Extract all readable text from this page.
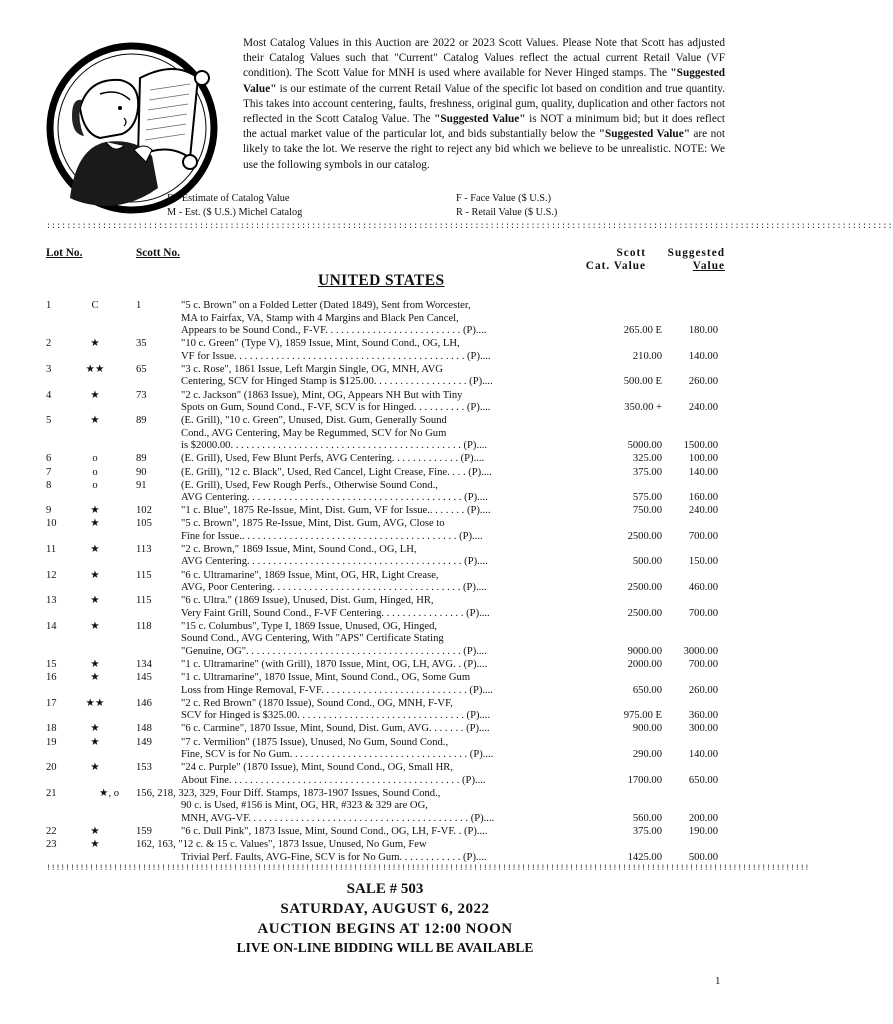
Most Catalog Values in this Auction are 2022 or 2023 Scott Values. Please Note that Scott has adjusted their Catalog Values such that "Current" Catalog Values reflect the actual current Retail Value (VF condition). The Scott Value for MNH is used where available for Never Hinged stamps. The "Suggested Value" is our estimate of the current Retail Value of the specific lot based on condition and true quantity. This takes into account centering, faults, freshness, original gum, quality, duplication and other factors not reflected in the Scott Catalog Value. The "Suggested Value" is NOT a minimum bid; but it does reflect the actual market value of the particular lot, and bids substantially below the "Suggested Value" are not likely to take the lot. We reserve the right to reject any bid which we believe to be unrealistic. NOTE: We use the following symbols in our catalog.
E - Estimate of Catalog Value
M - Est. ($ U.S.) Michel Catalog
F - Face Value ($ U.S.)
R - Retail Value ($ U.S.)
::::::::::::::::::::::::::::::::::::::::::::::::::::::::::::::::::::::::::::::::::::::::::::::::::::::::::::::::::::::::::::::::::::::::::::::::::::::::::::::::::::::
Lot No.	Scott No.	Scott
Cat. Value
Suggested
Value
UNITED STATES
1	C	1	"5 c. Brown" on a Folded Letter (Dated 1849), Sent from Worcester,
MA to Fairfax, VA, Stamp with 4 Margins and Black Pen Cancel,
Appears to be Sound Cond., F-VF. . . . . . . . . . . . . . . . . . . . . . . . . . (P)....	265.00 E	180.00
2	★	35	"10 c. Green" (Type V), 1859 Issue, Mint, Sound Cond., OG, LH,
VF for Issue. . . . . . . . . . . . . . . . . . . . . . . . . . . . . . . . . . . . . . . . . . . . (P)....	210.00	140.00
3	★★	65	"3 c. Rose", 1861 Issue, Left Margin Single, OG, MNH, AVG
Centering, SCV for Hinged Stamp is $125.00. . . . . . . . . . . . . . . . . . (P)....	500.00 E	260.00
4	★	73	"2 c. Jackson" (1863 Issue), Mint, OG, Appears NH But with Tiny
Spots on Gum, Sound Cond., F-VF, SCV is for Hinged. . . . . . . . . . (P)....	350.00 +	240.00
5	★	89	(E. Grill), "10 c. Green", Unused, Dist. Gum, Generally Sound
Cond., AVG Centering, May be Regummed, SCV for No Gum
is $2000.00. . . . . . . . . . . . . . . . . . . . . . . . . . . . . . . . . . . . . . . . . . . . (P)....	5000.00	1500.00
6	o	89	(E. Grill), Used, Few Blunt Perfs, AVG Centering. . . . . . . . . . . . . (P)....	325.00	100.00
7	o	90	(E. Grill), "12 c. Black", Used, Red Cancel, Light Crease, Fine. . . . (P)....	375.00	140.00
8	o	91	(E. Grill), Used, Few Rough Perfs., Otherwise Sound Cond.,
AVG Centering. . . . . . . . . . . . . . . . . . . . . . . . . . . . . . . . . . . . . . . . . (P)....	575.00	160.00
9	★	102	"1 c. Blue", 1875 Re-Issue, Mint, Dist. Gum, VF for Issue.. . . . . . . (P)....	750.00	240.00
10	★	105	"5 c. Brown", 1875 Re-Issue, Mint, Dist. Gum, AVG, Close to
Fine for Issue.. . . . . . . . . . . . . . . . . . . . . . . . . . . . . . . . . . . . . . . . . (P)....	2500.00	700.00
11	★	113	"2 c. Brown," 1869 Issue, Mint, Sound Cond., OG, LH,
AVG Centering. . . . . . . . . . . . . . . . . . . . . . . . . . . . . . . . . . . . . . . . . (P)....	500.00	150.00
12	★	115	"6 c. Ultramarine", 1869 Issue, Mint, OG, HR, Light Crease,
AVG, Poor Centering. . . . . . . . . . . . . . . . . . . . . . . . . . . . . . . . . . . . (P)....	2500.00	460.00
13	★	115	"6 c. Ultra." (1869 Issue), Unused, Dist. Gum, Hinged, HR,
Very Faint Grill, Sound Cond., F-VF Centering. . . . . . . . . . . . . . . . (P)....	2500.00	700.00
14	★	118	"15 c. Columbus", Type I, 1869 Issue, Unused, OG, Hinged,
Sound Cond., AVG Centering, With "APS" Certificate Stating
"Genuine, OG". . . . . . . . . . . . . . . . . . . . . . . . . . . . . . . . . . . . . . . . . (P)....	9000.00	3000.00
15	★	134	"1 c. Ultramarine" (with Grill), 1870 Issue, Mint, OG, LH, AVG. . (P)....	2000.00	700.00
16	★	145	"1 c. Ultramarine", 1870 Issue, Mint, Sound Cond., OG, Some Gum
Loss from Hinge Removal, F-VF. . . . . . . . . . . . . . . . . . . . . . . . . . . . (P)....	650.00	260.00
17	★★	146	"2 c. Red Brown" (1870 Issue), Sound Cond., OG, MNH, F-VF,
SCV for Hinged is $325.00. . . . . . . . . . . . . . . . . . . . . . . . . . . . . . . . (P)....	975.00 E	360.00
18	★	148	"6 c. Carmine", 1870 Issue, Mint, Sound, Dist. Gum, AVG. . . . . . . (P)....	900.00	300.00
19	★	149	"7 c. Vermilion" (1875 Issue), Unused, No Gum, Sound Cond.,
Fine, SCV is for No Gum. . . . . . . . . . . . . . . . . . . . . . . . . . . . . . . . . . (P)....	290.00	140.00
20	★	153	"24 c. Purple" (1870 Issue), Mint, Sound Cond., OG, Small HR,
About Fine. . . . . . . . . . . . . . . . . . . . . . . . . . . . . . . . . . . . . . . . . . . . (P)....	1700.00	650.00
21	★, o 156, 218, 323, 329, Four Diff. Stamps, 1873-1907 Issues, Sound Cond.,
90 c. is Used, #156 is Mint, OG, HR, #323 & 329 are OG,
MNH, AVG-VF. . . . . . . . . . . . . . . . . . . . . . . . . . . . . . . . . . . . . . . . . . (P)....	560.00	200.00
22	★	159	"6 c. Dull Pink", 1873 Issue, Mint, Sound Cond., OG, LH, F-VF. . (P)....	375.00	190.00
23	★	162, 163, "12 c. & 15 c. Values", 1873 Issue, Unused, No Gum, Few
Trivial Perf. Faults, AVG-Fine, SCV is for No Gum. . . . . . . . . . . . (P)....	1425.00	500.00
!!!!!!!!!!!!!!!!!!!!!!!!!!!!!!!!!!!!!!!!!!!!!!!!!!!!!!!!!!!!!!!!!!!!!!!!!!!!!!!!!!!!!!!!!!!!!!!!!!!!!!!!!!!!!!!!!!!!!!!!!!!!!!!!!!!!!!!!!!!!!!!!!!!!!!!!!!!!!!!
SALE # 503
SATURDAY, AUGUST 6, 2022
AUCTION BEGINS AT 12:00 NOON
LIVE ON-LINE BIDDING WILL BE AVAILABLE
1
